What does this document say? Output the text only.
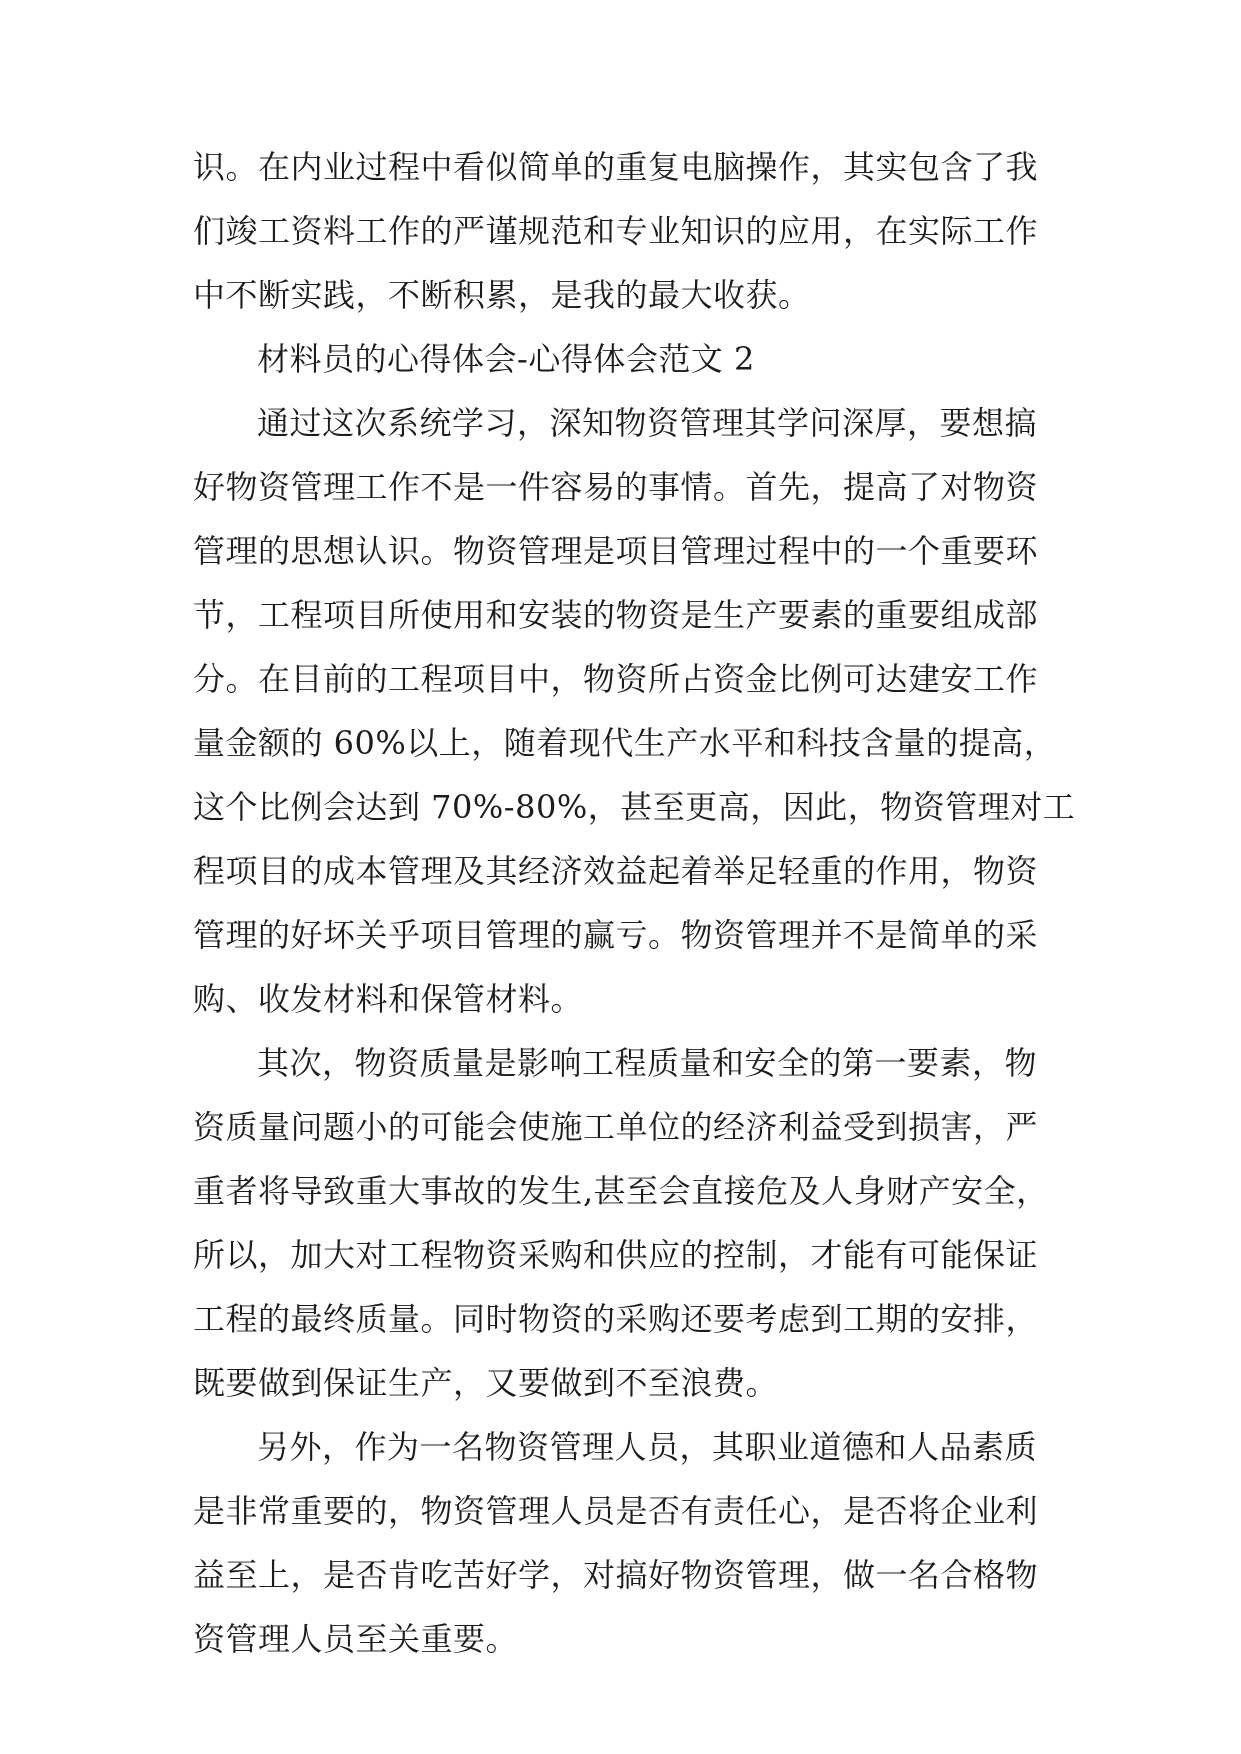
识。在内业过程中看似简单的重复电脑操作，其实包含了我
们竣工资料工作的严谨规范和专业知识的应用，在实际工作
中不断实践，不断积累，是我的最大收获。
材料员的心得体会-心得体会范文 2
通过这次系统学习，深知物资管理其学问深厚，要想搞
好物资管理工作不是一件容易的事情。首先，提高了对物资
管理的思想认识。物资管理是项目管理过程中的一个重要环
节，工程项目所使用和安装的物资是生产要素的重要组成部
分。在目前的工程项目中，物资所占资金比例可达建安工作
量金额的 60%以上，随着现代生产水平和科技含量的提高，
这个比例会达到 70%-80%，甚至更高，因此，物资管理对工
程项目的成本管理及其经济效益起着举足轻重的作用，物资
管理的好坏关乎项目管理的赢亏。物资管理并不是简单的采
购、收发材料和保管材料。
其次，物资质量是影响工程质量和安全的第一要素，物
资质量问题小的可能会使施工单位的经济利益受到损害，严
重者将导致重大事故的发生,甚至会直接危及人身财产安全，
所以，加大对工程物资采购和供应的控制，才能有可能保证
工程的最终质量。同时物资的采购还要考虑到工期的安排，
既要做到保证生产，又要做到不至浪费。
另外，作为一名物资管理人员，其职业道德和人品素质
是非常重要的，物资管理人员是否有责任心，是否将企业利
益至上，是否肯吃苦好学，对搞好物资管理，做一名合格物
资管理人员至关重要。
